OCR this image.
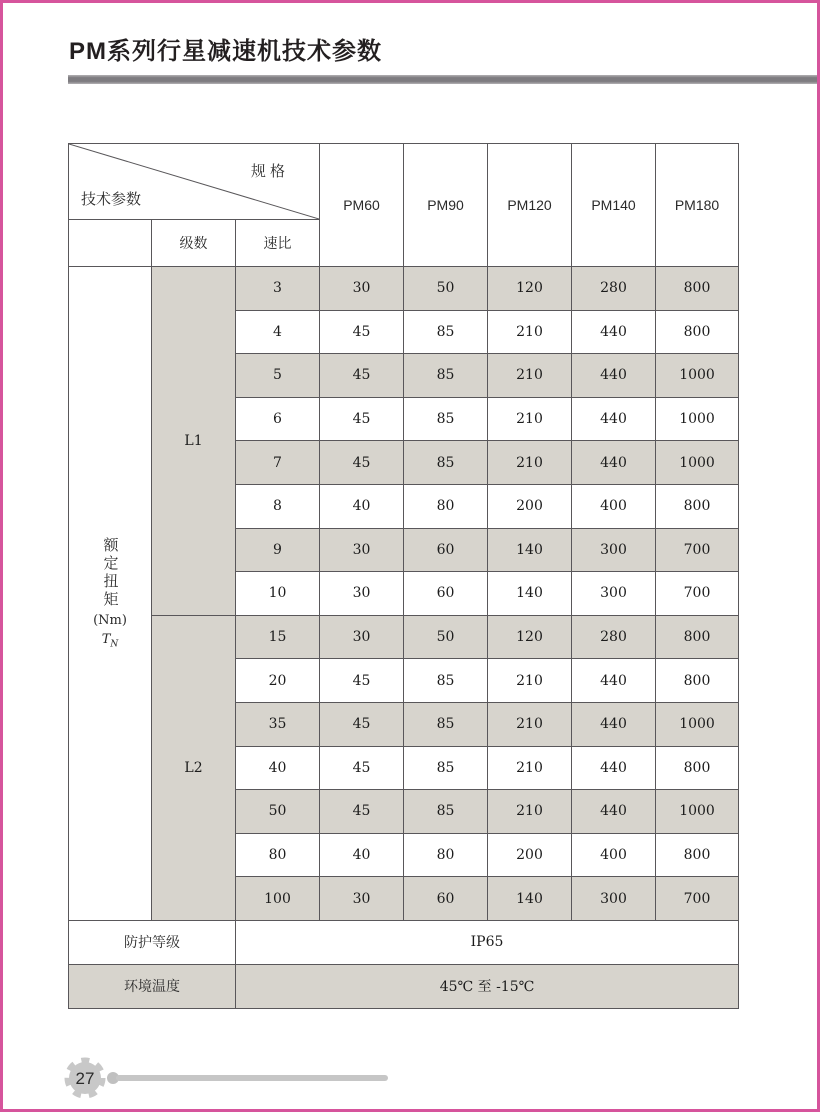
PM系列行星减速机技术参数
规 格
技术参数			PM60	PM90	PM120	PM140	PM180
	级数	速比					

额定扭矩
(Nm)
$T_N$	L1	3	30	50	120	280	800
		4	45	85	210	440	800
		5	45	85	210	440	1000
		6	45	85	210	440	1000
		7	45	85	210	440	1000
		8	40	80	200	400	800
		9	30	60	140	300	700
		10	30	60	140	300	700
	L2	15	30	50	120	280	800
		20	45	85	210	440	800
		35	45	85	210	440	1000
		40	45	85	210	440	800
		50	45	85	210	440	1000
		80	40	80	200	400	800
		100	30	60	140	300	700
防护等级		IP65					
环境温度		45℃ 至 -15℃					
27
